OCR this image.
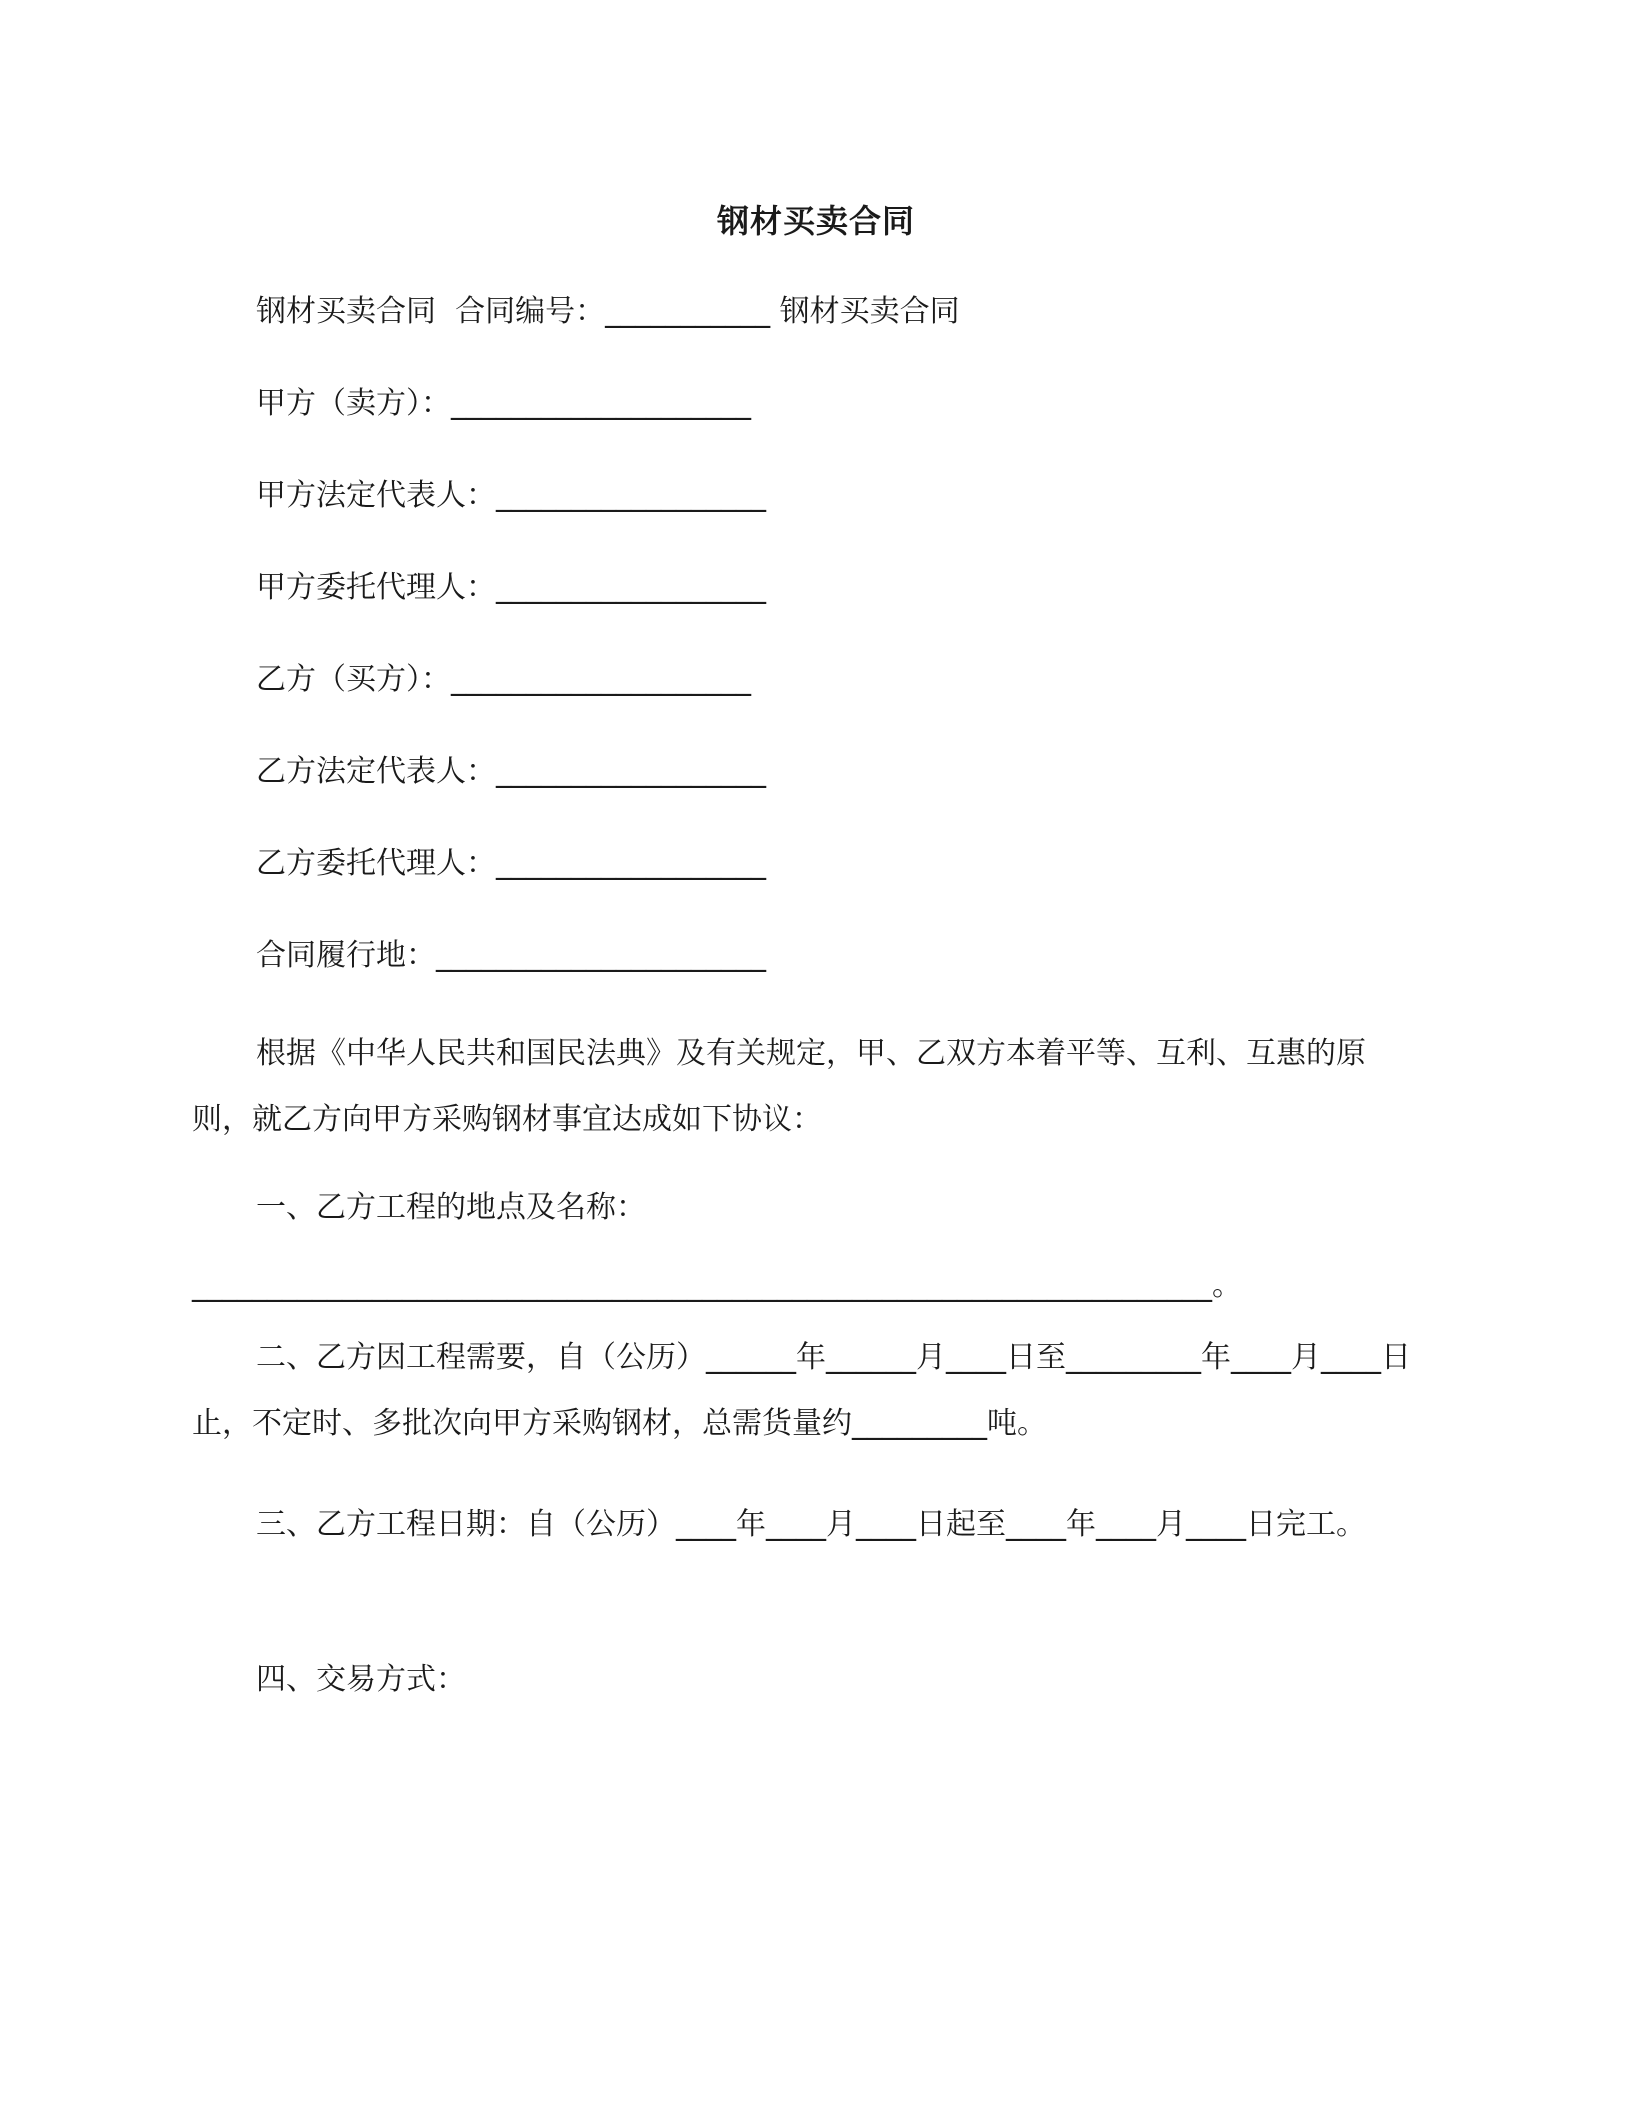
钢材买卖合同
钢材买卖合同  合同编号：___________ 钢材买卖合同
甲方（卖方）：____________________
甲方法定代表人：__________________
甲方委托代理人：__________________
乙方（买方）：____________________
乙方法定代表人：__________________
乙方委托代理人：__________________
合同履行地：______________________
根据《中华人民共和国民法典》及有关规定，甲、乙双方本着平等、互利、互惠的原则，就乙方向甲方采购钢材事宜达成如下协议：
一、乙方工程的地点及名称：
____________________________________________________________________。
二、乙方因工程需要，自（公历）______年______月____日至_________年____月____日止，不定时、多批次向甲方采购钢材，总需货量约_________吨。
三、乙方工程日期：自（公历）____年____月____日起至____年____月____日完工。
四、交易方式：
